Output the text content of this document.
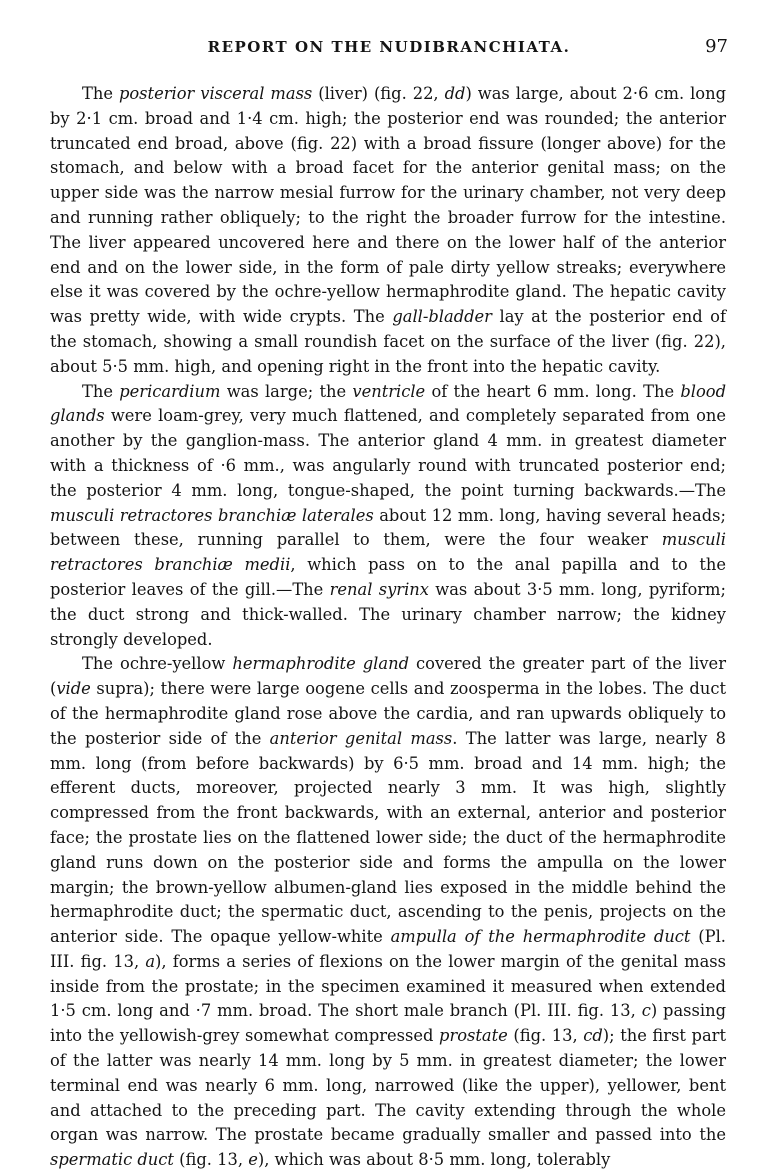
REPORT ON THE NUDIBRANCHIATA.	97

The posterior visceral mass (liver) (fig. 22, dd) was large, about 2·6 cm. long by 2·1 cm. broad and 1·4 cm. high; the posterior end was rounded; the anterior truncated end broad, above (fig. 22) with a broad fissure (longer above) for the stomach, and below with a broad facet for the anterior genital mass; on the upper side was the narrow mesial furrow for the urinary chamber, not very deep and running rather obliquely; to the right the broader furrow for the intestine. The liver appeared uncovered here and there on the lower half of the anterior end and on the lower side, in the form of pale dirty yellow streaks; everywhere else it was covered by the ochre-yellow hermaphrodite gland. The hepatic cavity was pretty wide, with wide crypts. The gall-bladder lay at the posterior end of the stomach, showing a small roundish facet on the surface of the liver (fig. 22), about 5·5 mm. high, and opening right in the front into the hepatic cavity.

The pericardium was large; the ventricle of the heart 6 mm. long. The blood glands were loam-grey, very much flattened, and completely separated from one another by the ganglion-mass. The anterior gland 4 mm. in greatest diameter with a thickness of ·6 mm., was angularly round with truncated posterior end; the posterior 4 mm. long, tongue-shaped, the point turning backwards.—The musculi retractores branchiæ laterales about 12 mm. long, having several heads; between these, running parallel to them, were the four weaker musculi retractores branchiæ medii, which pass on to the anal papilla and to the posterior leaves of the gill.—The renal syrinx was about 3·5 mm. long, pyriform; the duct strong and thick-walled. The urinary chamber narrow; the kidney strongly developed.

The ochre-yellow hermaphrodite gland covered the greater part of the liver (vide supra); there were large oogene cells and zoosperma in the lobes. The duct of the hermaphrodite gland rose above the cardia, and ran upwards obliquely to the posterior side of the anterior genital mass. The latter was large, nearly 8 mm. long (from before backwards) by 6·5 mm. broad and 14 mm. high; the efferent ducts, moreover, projected nearly 3 mm. It was high, slightly compressed from the front backwards, with an external, anterior and posterior face; the prostate lies on the flattened lower side; the duct of the hermaphrodite gland runs down on the posterior side and forms the ampulla on the lower margin; the brown-yellow albumen-gland lies exposed in the middle behind the hermaphrodite duct; the spermatic duct, ascending to the penis, projects on the anterior side. The opaque yellow-white ampulla of the hermaphrodite duct (Pl. III. fig. 13, a), forms a series of flexions on the lower margin of the genital mass inside from the prostate; in the specimen examined it measured when extended 1·5 cm. long and ·7 mm. broad. The short male branch (Pl. III. fig. 13, c) passing into the yellowish-grey somewhat compressed prostate (fig. 13, cd); the first part of the latter was nearly 14 mm. long by 5 mm. in greatest diameter; the lower terminal end was nearly 6 mm. long, narrowed (like the upper), yellower, bent and attached to the preceding part. The cavity extending through the whole organ was narrow. The prostate became gradually smaller and passed into the spermatic duct (fig. 13, e), which was about 8·5 mm. long, tolerably
